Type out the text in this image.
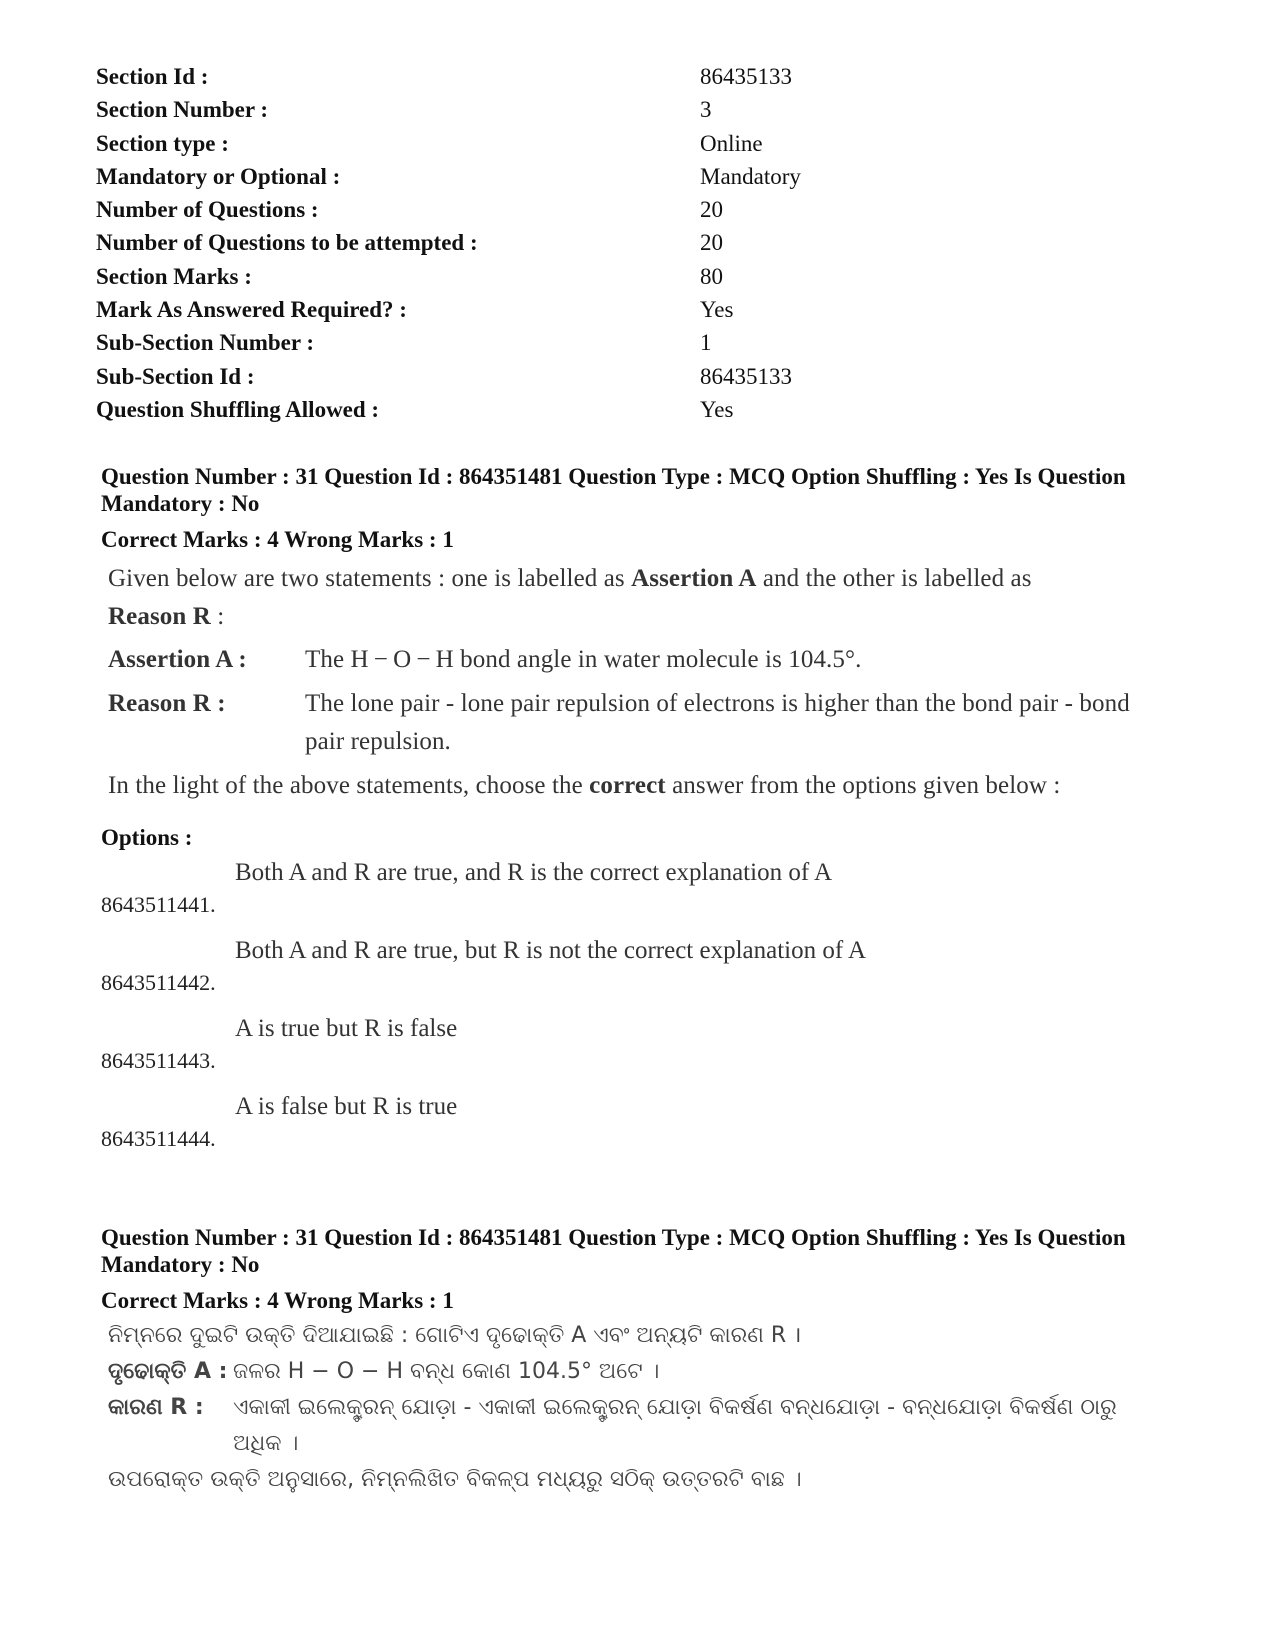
Section Id :	86435133
Section Number :	3
Section type :	Online
Mandatory or Optional :	Mandatory
Number of Questions :	20
Number of Questions to be attempted :	20
Section Marks :	80
Mark As Answered Required? :	Yes
Sub-Section Number :	1
Sub-Section Id :	86435133
Question Shuffling Allowed :	Yes
Question Number : 31 Question Id : 864351481 Question Type : MCQ Option Shuffling : Yes Is Question
Mandatory : No
Correct Marks : 4 Wrong Marks : 1
Given below are two statements : one is labelled as Assertion A and the other is labelled as
Reason R :
Assertion A : The H − O − H bond angle in water molecule is 104.5°.
Reason R :	The lone pair - lone pair repulsion of electrons is higher than the bond pair - bond pair repulsion.
In the light of the above statements, choose the correct answer from the options given below :
Options :
8643511441.
Both A and R are true, and R is the correct explanation of A
8643511442.
Both A and R are true, but R is not the correct explanation of A
8643511443.
A is true but R is false
8643511444.
A is false but R is true
Question Number : 31 Question Id : 864351481 Question Type : MCQ Option Shuffling : Yes Is Question
Mandatory : No
Correct Marks : 4 Wrong Marks : 1
ନିମ୍ନରେ ଦୁଇଟି ଉକ୍ତି ଦିଆଯାଇଛି : ଗୋଟିଏ ଦୃଢୋକ୍ତି A ଏବଂ ଅନ୍ୟଟି କାରଣ R ।
ଦୃଢୋକ୍ତି A : ଜଳର H − O − H ବନ୍ଧ କୋଣ 104.5° ଅଟେ ।
କାରଣ R : ଏକାକୀ ଇଲେକ୍ଟ୍ରନ୍ ଯୋଡ଼ା - ଏକାକୀ ଇଲେକ୍ଟ୍ରନ୍ ଯୋଡ଼ା ବିକର୍ଷଣ ବନ୍ଧଯୋଡ଼ା - ବନ୍ଧଯୋଡ଼ା ବିକର୍ଷଣ ଠାରୁ ଅଧିକ ।
ଉପରୋକ୍ତ ଉକ୍ତି ଅନୁସାରେ, ନିମ୍ନଲିଖିତ ବିକଳ୍ପ ମଧ୍ୟରୁ ସଠିକ୍ ଉତ୍ତରଟି ବାଛ ।
